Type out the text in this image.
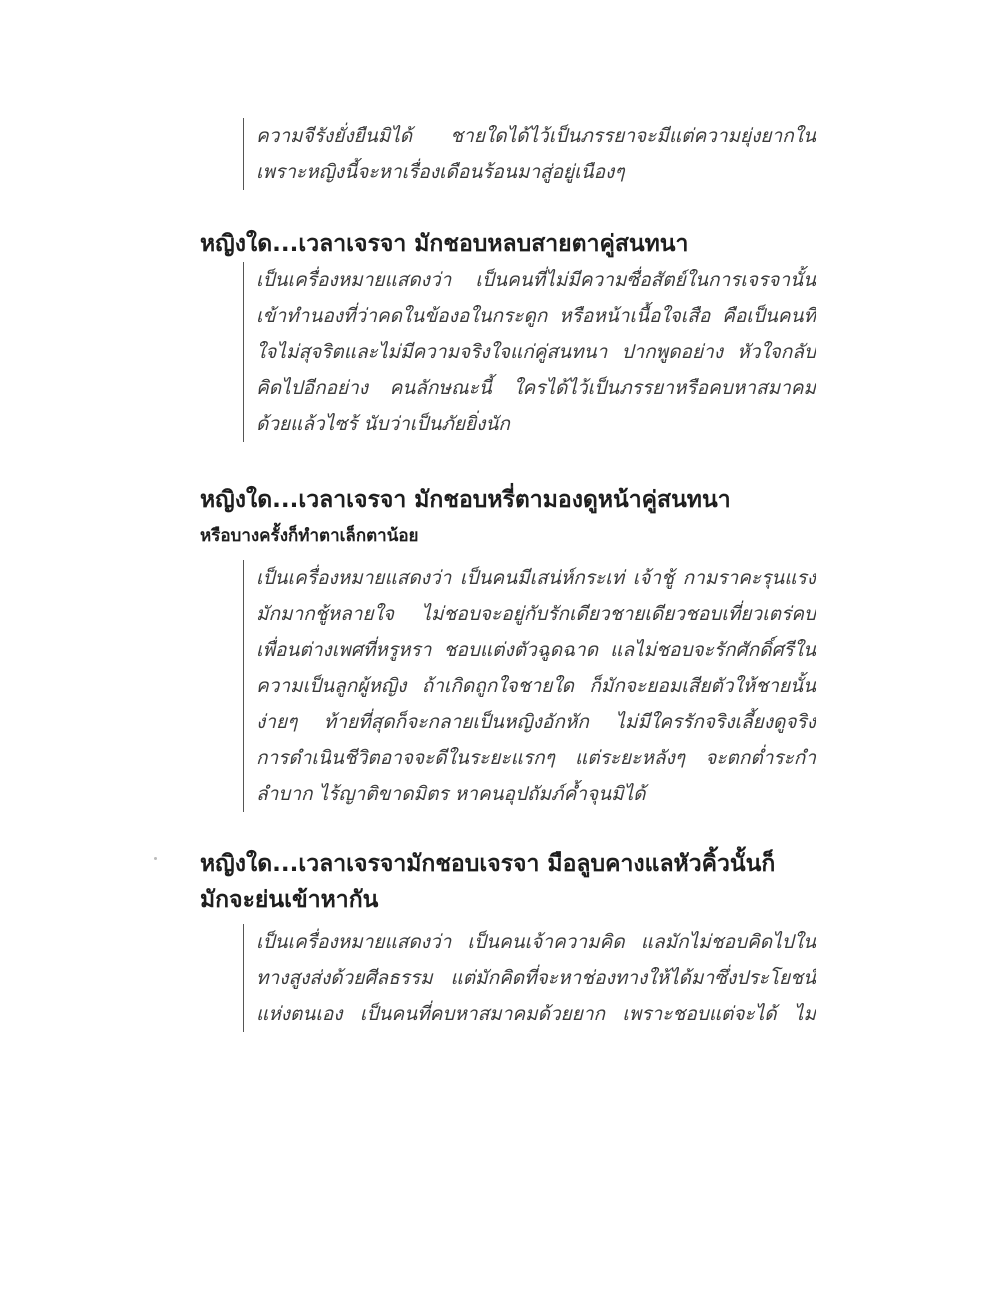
ความจีรังยั่งยืนมิได้ ชายใดได้ไว้เป็นภรรยาจะมีแต่ความยุ่งยากใน
เพราะหญิงนี้จะหาเรื่องเดือนร้อนมาสู่อยู่เนืองๆ
หญิงใด...เวลาเจรจา มักชอบหลบสายตาคู่สนทนา
เป็นเครื่องหมายแสดงว่า เป็นคนที่ไม่มีความซื่อสัตย์ในการเจรจานั้น
เข้าทำนองที่ว่าคดในข้องอในกระดูก หรือหน้าเนื้อใจเสือ คือเป็นคนที่
ใจไม่สุจริตและไม่มีความจริงใจแก่คู่สนทนา ปากพูดอย่าง หัวใจกลับ
คิดไปอีกอย่าง คนลักษณะนี้ ใครได้ไว้เป็นภรรยาหรือคบหาสมาคม
ด้วยแล้วไซร้ นับว่าเป็นภัยยิ่งนัก
หญิงใด...เวลาเจรจา มักชอบหรี่ตามองดูหน้าคู่สนทนา
หรือบางครั้งก็ทำตาเล็กตาน้อย
เป็นเครื่องหมายแสดงว่า เป็นคนมีเสน่ห์กระเท่ เจ้าชู้ กามราคะรุนแรง
มักมากชู้หลายใจ ไม่ชอบจะอยู่กับรักเดียวชายเดียวชอบเที่ยวเตร่คบ
เพื่อนต่างเพศที่หรูหรา ชอบแต่งตัวฉูดฉาด แลไม่ชอบจะรักศักดิ์ศรีใน
ความเป็นลูกผู้หญิง ถ้าเกิดถูกใจชายใด ก็มักจะยอมเสียตัวให้ชายนั้น
ง่ายๆ ท้ายที่สุดก็จะกลายเป็นหญิงอักหัก ไม่มีใครรักจริงเลี้ยงดูจริง
การดำเนินชีวิตอาจจะดีในระยะแรกๆ แต่ระยะหลังๆ จะตกต่ำระกำ
ลำบาก ไร้ญาติขาดมิตร หาคนอุปถัมภ์ค้ำจุนมิได้
หญิงใด...เวลาเจรจามักชอบเจรจา มือลูบคางแลหัวคิ้วนั้นก็
มักจะย่นเข้าหากัน
เป็นเครื่องหมายแสดงว่า เป็นคนเจ้าความคิด แลมักไม่ชอบคิดไปใน
ทางสูงส่งด้วยศีลธรรม แต่มักคิดที่จะหาช่องทางให้ได้มาซึ่งประโยชน์
แห่งตนเอง เป็นคนที่คบหาสมาคมด้วยยาก เพราะชอบแต่จะได้ ไม่
